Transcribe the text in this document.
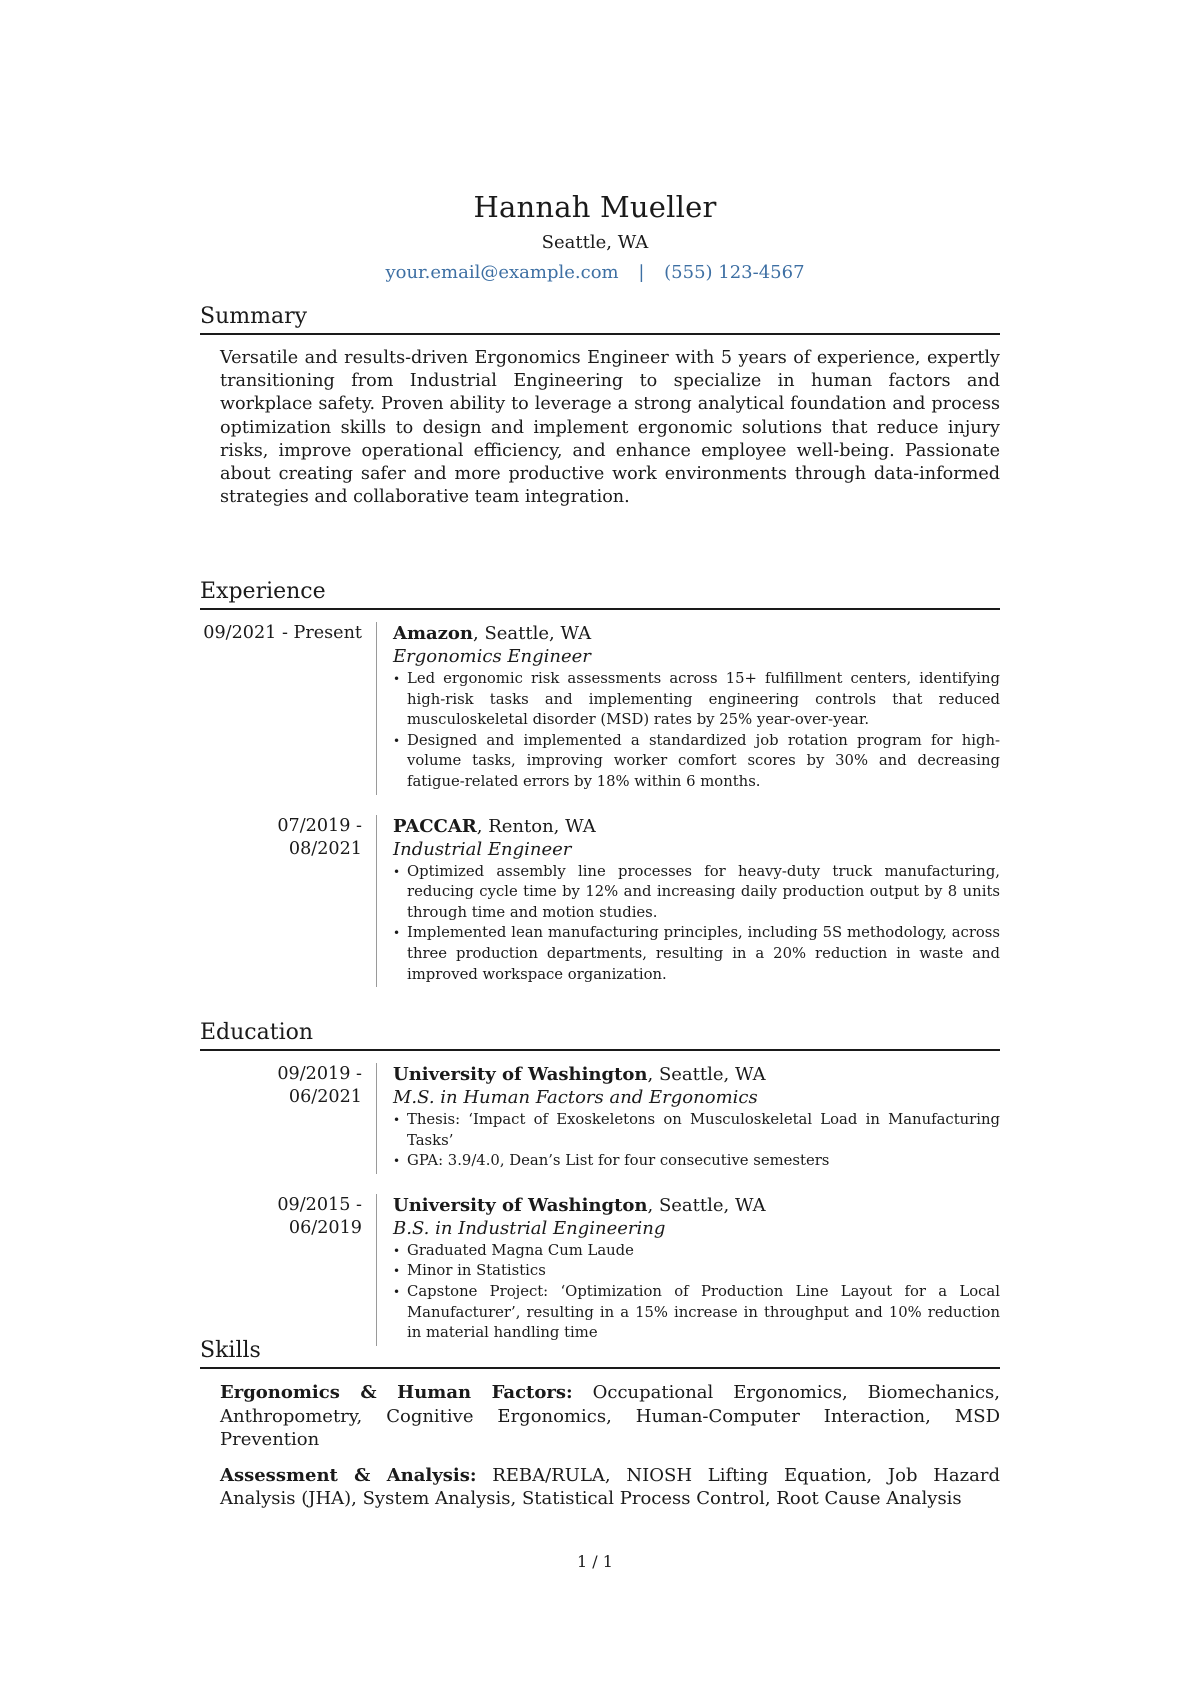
Hannah Mueller
Seattle, WA
your.email@example.com | (555) 123-4567
Summary

Versatile and results-driven Ergonomics Engineer with 5 years of experience, expertly transitioning from Industrial Engineering to specialize in human factors and workplace safety. Proven ability to leverage a strong analytical foundation and process optimization skills to design and implement ergonomic solutions that reduce injury risks, improve operational efficiency, and enhance employee well-being. Passionate about creating safer and more productive work environments through data-informed strategies and collaborative team integration.

Experience
09/2021 - Present	Amazon, Seattle, WA
Ergonomics Engineer
• Led ergonomic risk assessments across 15+ fulfillment centers, identifying high-risk tasks and implementing engineering controls that reduced musculoskeletal disorder (MSD) rates by 25% year-over-year.
• Designed and implemented a standardized job rotation program for high-volume tasks, improving worker comfort scores by 30% and decreasing fatigue-related errors by 18% within 6 months.
07/2019 - 08/2021
PACCAR, Renton, WA
Industrial Engineer
• Optimized assembly line processes for heavy-duty truck manufacturing, reducing cycle time by 12% and increasing daily production output by 8 units through time and motion studies.
• Implemented lean manufacturing principles, including 5S methodology, across three production departments, resulting in a 20% reduction in waste and improved workspace organization.
Education
09/2019 - 06/2021
University of Washington, Seattle, WA
M.S. in Human Factors and Ergonomics
• Thesis: ‘Impact of Exoskeletons on Musculoskeletal Load in Manufacturing Tasks’
• GPA: 3.9/4.0, Dean’s List for four consecutive semesters
09/2015 - 06/2019
University of Washington, Seattle, WA
B.S. in Industrial Engineering
• Graduated Magna Cum Laude
• Minor in Statistics
• Capstone Project: ‘Optimization of Production Line Layout for a Local Manufacturer’, resulting in a 15% increase in throughput and 10% reduction in material handling time
Skills

Ergonomics & Human Factors: Occupational Ergonomics, Biomechanics, Anthropometry, Cognitive Ergonomics, Human-Computer Interaction, MSD Prevention

Assessment & Analysis: REBA/RULA, NIOSH Lifting Equation, Job Hazard Analysis (JHA), System Analysis, Statistical Process Control, Root Cause Analysis

1 / 1
